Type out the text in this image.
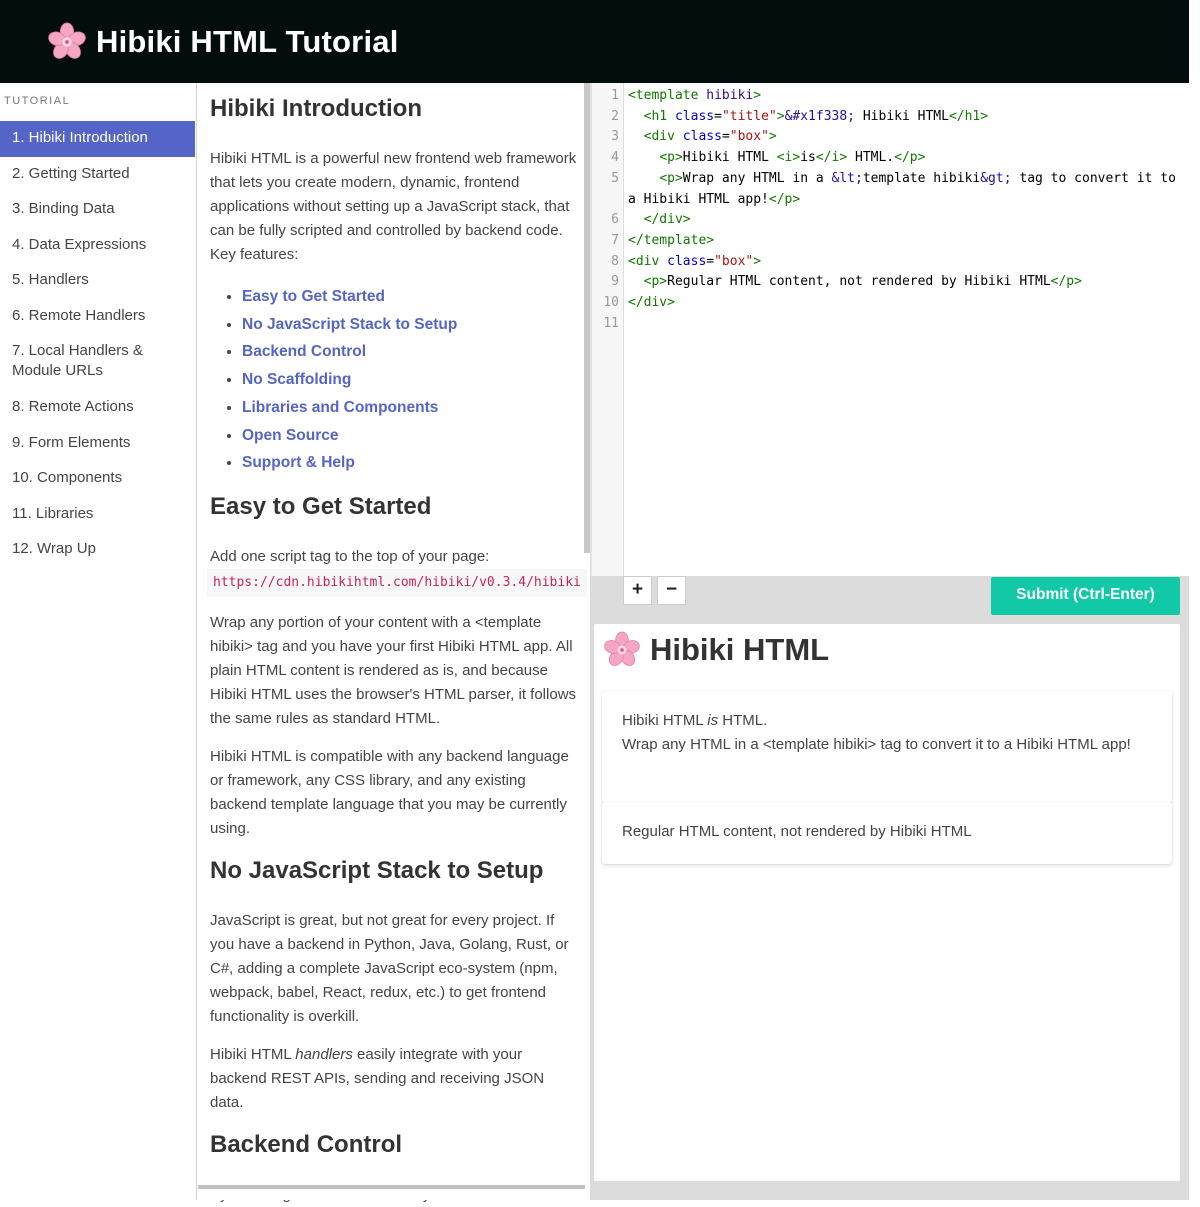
Hibiki HTML Tutorial
TUTORIAL
1. Hibiki Introduction
2. Getting Started
3. Binding Data
4. Data Expressions
5. Handlers
6. Remote Handlers
7. Local Handlers & Module URLs
8. Remote Actions
9. Form Elements
10. Components
11. Libraries
12. Wrap Up
Hibiki Introduction

Hibiki HTML is a powerful new frontend web framework that lets you create modern, dynamic, frontend applications without setting up a JavaScript stack, that can be fully scripted and controlled by backend code. Key features:

• Easy to Get Started
• No JavaScript Stack to Setup
• Backend Control
• No Scaffolding
• Libraries and Components
• Open Source
• Support & Help
Easy to Get Started

Add one script tag to the top of your page:
https://cdn.hibikihtml.com/hibiki/v0.3.4/hibiki

Wrap any portion of your content with a <template hibiki> tag and you have your first Hibiki HTML app. All plain HTML content is rendered as is, and because Hibiki HTML uses the browser's HTML parser, it follows the same rules as standard HTML.

Hibiki HTML is compatible with any backend language or framework, any CSS library, and any existing backend template language that you may be currently using.

No JavaScript Stack to Setup

JavaScript is great, but not great for every project. If you have a backend in Python, Java, Golang, Rust, or C#, adding a complete JavaScript eco-system (npm, webpack, babel, React, redux, etc.) to get frontend functionality is overkill.

Hibiki HTML handlers easily integrate with your backend REST APIs, sending and receiving JSON data.

Backend Control

1
2
3
4
5
6
7
8
9
10
11
<template hibiki>
<h1 class="title">&#x1f338; Hibiki HTML</h1>
<div class="box">
<p>Hibiki HTML <i>is</i> HTML.</p>
<p>Wrap any HTML in a &lt;template hibiki&gt; tag to convert it to
a Hibiki HTML app!</p>
</div>
</template>
<div class="box">
<p>Regular HTML content, not rendered by Hibiki HTML</p>
</div>

+	−	Submit (Ctrl-Enter)
Hibiki HTML
Hibiki HTML is HTML.
Wrap any HTML in a <template hibiki> tag to convert it to a Hibiki HTML app!
Regular HTML content, not rendered by Hibiki HTML
